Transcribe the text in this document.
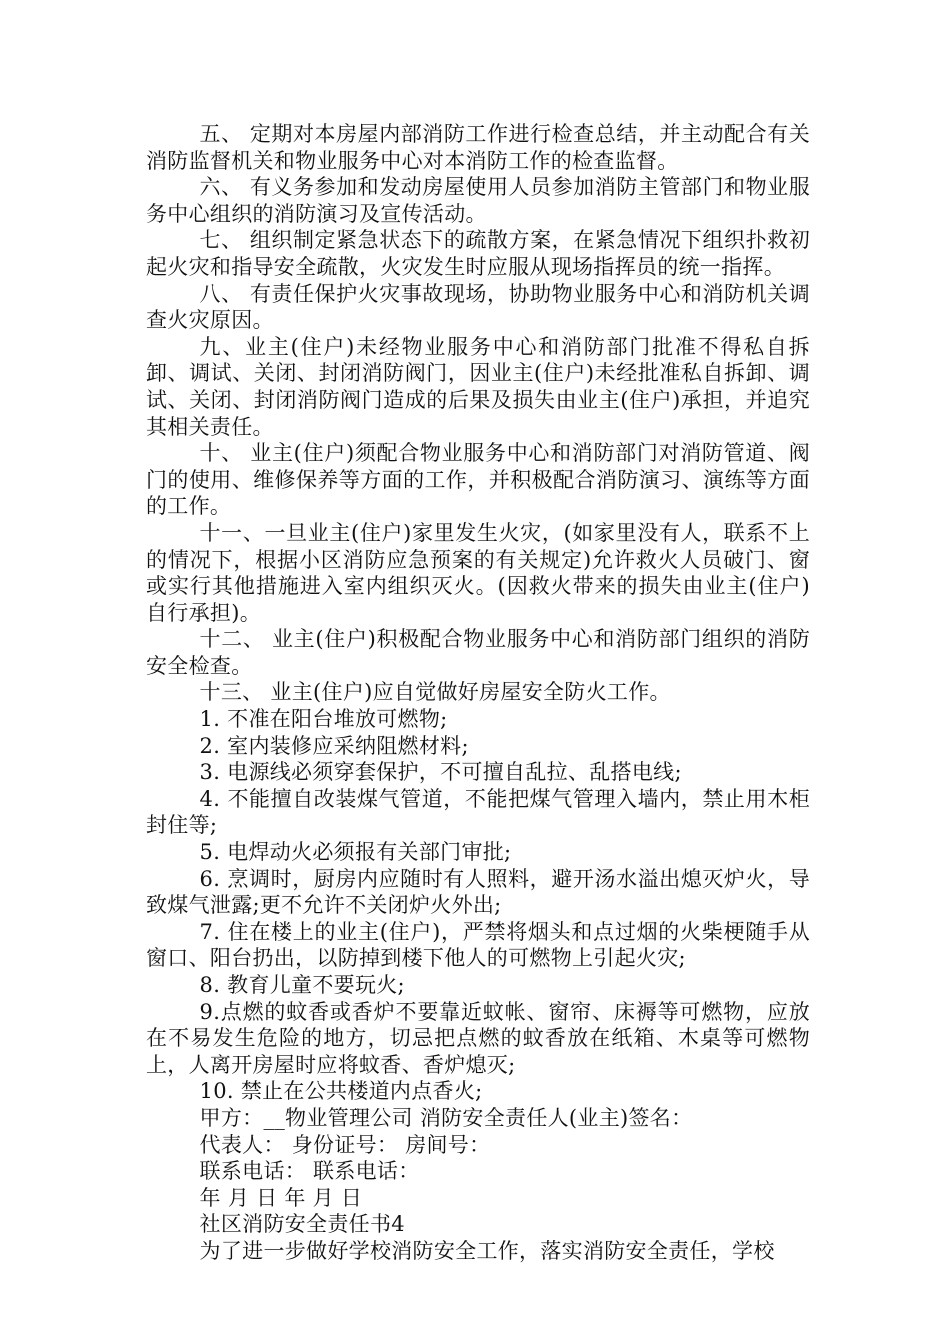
五、 定期对本房屋内部消防工作进行检查总结，并主动配合有关消防监督机关和物业服务中心对本消防工作的检查监督。

六、 有义务参加和发动房屋使用人员参加消防主管部门和物业服务中心组织的消防演习及宣传活动。

七、 组织制定紧急状态下的疏散方案，在紧急情况下组织扑救初起火灾和指导安全疏散，火灾发生时应服从现场指挥员的统一指挥。

八、 有责任保护火灾事故现场，协助物业服务中心和消防机关调查火灾原因。

九、业主(住户)未经物业服务中心和消防部门批准不得私自拆卸、调试、关闭、封闭消防阀门，因业主(住户)未经批准私自拆卸、调试、关闭、封闭消防阀门造成的后果及损失由业主(住户)承担，并追究其相关责任。

十、 业主(住户)须配合物业服务中心和消防部门对消防管道、阀门的使用、维修保养等方面的工作，并积极配合消防演习、演练等方面的工作。

十一、一旦业主(住户)家里发生火灾，(如家里没有人，联系不上的情况下，根据小区消防应急预案的有关规定)允许救火人员破门、窗或实行其他措施进入室内组织灭火。(因救火带来的损失由业主(住户)自行承担)。

十二、 业主(住户)积极配合物业服务中心和消防部门组织的消防安全检查。

十三、 业主(住户)应自觉做好房屋安全防火工作。

1. 不准在阳台堆放可燃物;

2. 室内装修应采纳阻燃材料;

3. 电源线必须穿套保护，不可擅自乱拉、乱搭电线;

4. 不能擅自改装煤气管道，不能把煤气管理入墙内，禁止用木柜封住等;

5. 电焊动火必须报有关部门审批;

6. 烹调时，厨房内应随时有人照料，避开汤水溢出熄灭炉火，导致煤气泄露;更不允许不关闭炉火外出;

7. 住在楼上的业主(住户)，严禁将烟头和点过烟的火柴梗随手从窗口、阳台扔出，以防掉到楼下他人的可燃物上引起火灾;

8. 教育儿童不要玩火;

9.点燃的蚊香或香炉不要靠近蚊帐、窗帘、床褥等可燃物，应放在不易发生危险的地方，切忌把点燃的蚊香放在纸箱、木桌等可燃物上，人离开房屋时应将蚊香、香炉熄灭;

10. 禁止在公共楼道内点香火;

甲方：__物业管理公司 消防安全责任人(业主)签名：

代表人： 身份证号： 房间号：

联系电话： 联系电话：

年 月 日 年 月 日

社区消防安全责任书4

为了进一步做好学校消防安全工作，落实消防安全责任，学校
